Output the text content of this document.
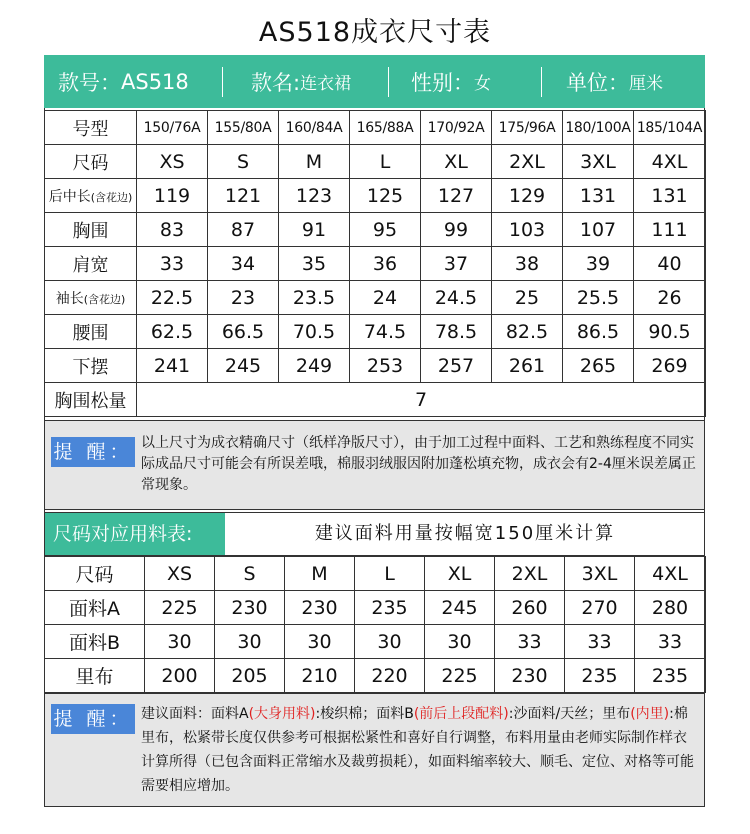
AS518成衣尺寸表
款号： AS518	款名: 连衣裙	性别： 女	单位： 厘米
号型	150/76A	155/80A	160/84A	165/88A	170/92A	175/96A	180/100A	185/104A
尺码	XS	S	M	L	XL	2XL	3XL	4XL
后中长(含花边)	119	121	123	125	127	129	131	131
胸围	83	87	91	95	99	103	107	111
肩宽	33	34	35	36	37	38	39	40
袖长(含花边)	22.5	23	23.5	24	24.5	25	25.5	26
腰围	62.5	66.5	70.5	74.5	78.5	82.5	86.5	90.5
下摆	241	245	249	253	257	261	265	269
胸围松量	7							
提 醒： 以上尺寸为成衣精确尺寸（纸样净版尺寸），由于加工过程中面料、工艺和熟练程度不同实际成品尺寸可能会有所误差哦，棉服羽绒服因附加蓬松填充物，成衣会有2-4厘米误差属正常现象。
尺码对应用料表:	建议面料用量按幅宽150厘米计算
尺码	XS	S	M	L	XL	2XL	3XL	4XL
面料A	225	230	230	235	245	260	270	280
面料B	30	30	30	30	30	33	33	33
里布	200	205	210	220	225	230	235	235
提 醒： 建议面料：面料A(大身用料):梭织棉；面料B(前后上段配料):沙面料/天丝；里布(内里):棉里布，松紧带长度仅供参考可根据松紧性和喜好自行调整，布料用量由老师实际制作样衣计算所得（已包含面料正常缩水及裁剪损耗），如面料缩率较大、顺毛、定位、对格等可能需要相应增加。
